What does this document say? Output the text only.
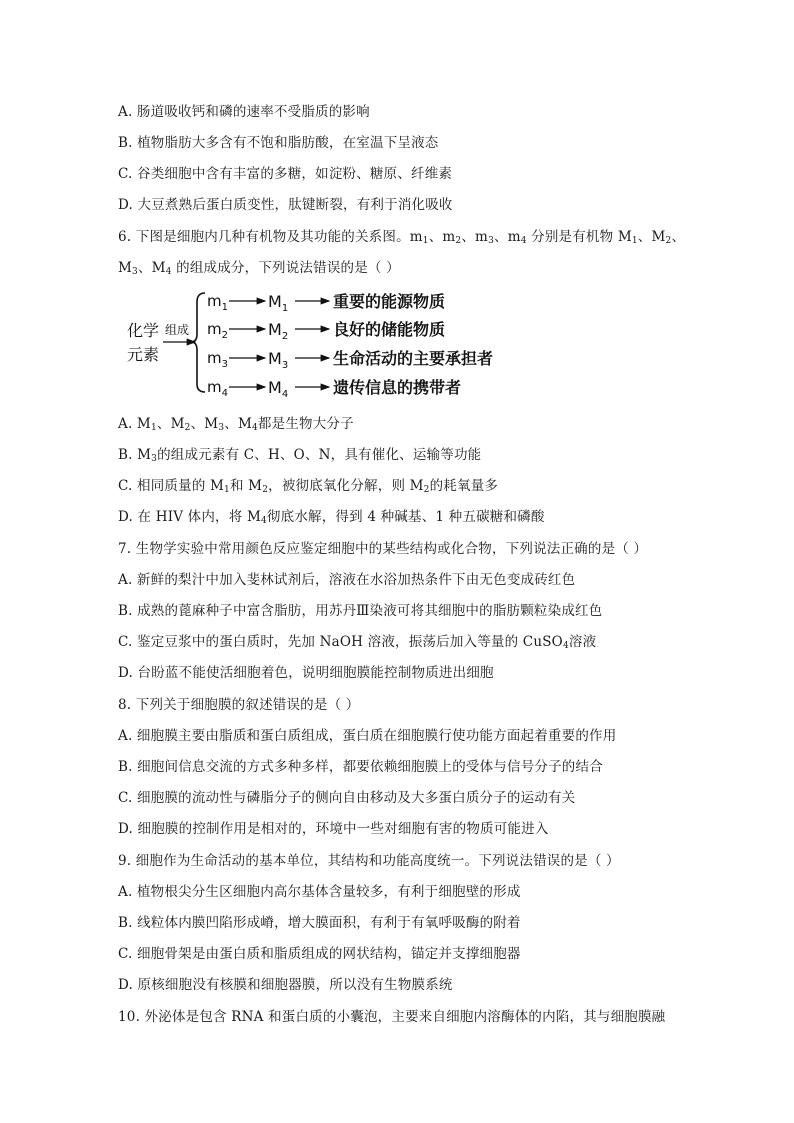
A. 肠道吸收钙和磷的速率不受脂质的影响
B. 植物脂肪大多含有不饱和脂肪酸，在室温下呈液态
C. 谷类细胞中含有丰富的多糖，如淀粉、糖原、纤维素
D. 大豆煮熟后蛋白质变性，肽键断裂，有利于消化吸收
6. 下图是细胞内几种有机物及其功能的关系图。$m_1$、$m_2$、$m_3$、$m_4$ 分别是有机物 $M_1$、$M_2$、
$M_3$、$M_4$ 的组成成分，下列说法错误的是（ ）
化学
元素
组成
$m_1$	$M_1$	重要的能源物质
$m_2$	$M_2$	良好的储能物质
$m_3$	$M_3$	生命活动的主要承担者
$m_4$	$M_4$	遗传信息的携带者
A. $M_1$、$M_2$、$M_3$、$M_4$都是生物大分子
B. $M_3$的组成元素有 C、H、O、N，具有催化、运输等功能
C. 相同质量的 $M_1$和 $M_2$，被彻底氧化分解，则 $M_2$的耗氧量多
D. 在 HIV 体内，将 $M_4$彻底水解，得到 4 种碱基、1 种五碳糖和磷酸
7. 生物学实验中常用颜色反应鉴定细胞中的某些结构或化合物，下列说法正确的是（ ）
A. 新鲜的梨汁中加入斐林试剂后，溶液在水浴加热条件下由无色变成砖红色
B. 成熟的蓖麻种子中富含脂肪，用苏丹Ⅲ染液可将其细胞中的脂肪颗粒染成红色
C. 鉴定豆浆中的蛋白质时，先加 NaOH 溶液，振荡后加入等量的 CuSO$_4$溶液
D. 台盼蓝不能使活细胞着色，说明细胞膜能控制物质进出细胞
8. 下列关于细胞膜的叙述错误的是（ ）
A. 细胞膜主要由脂质和蛋白质组成，蛋白质在细胞膜行使功能方面起着重要的作用
B. 细胞间信息交流的方式多种多样，都要依赖细胞膜上的受体与信号分子的结合
C. 细胞膜的流动性与磷脂分子的侧向自由移动及大多蛋白质分子的运动有关
D. 细胞膜的控制作用是相对的，环境中一些对细胞有害的物质可能进入
9. 细胞作为生命活动的基本单位，其结构和功能高度统一。下列说法错误的是（ ）
A. 植物根尖分生区细胞内高尔基体含量较多，有利于细胞壁的形成
B. 线粒体内膜凹陷形成嵴，增大膜面积，有利于有氧呼吸酶的附着
C. 细胞骨架是由蛋白质和脂质组成的网状结构，锚定并支撑细胞器
D. 原核细胞没有核膜和细胞器膜，所以没有生物膜系统
10. 外泌体是包含 RNA 和蛋白质的小囊泡，主要来自细胞内溶酶体的内陷，其与细胞膜融
